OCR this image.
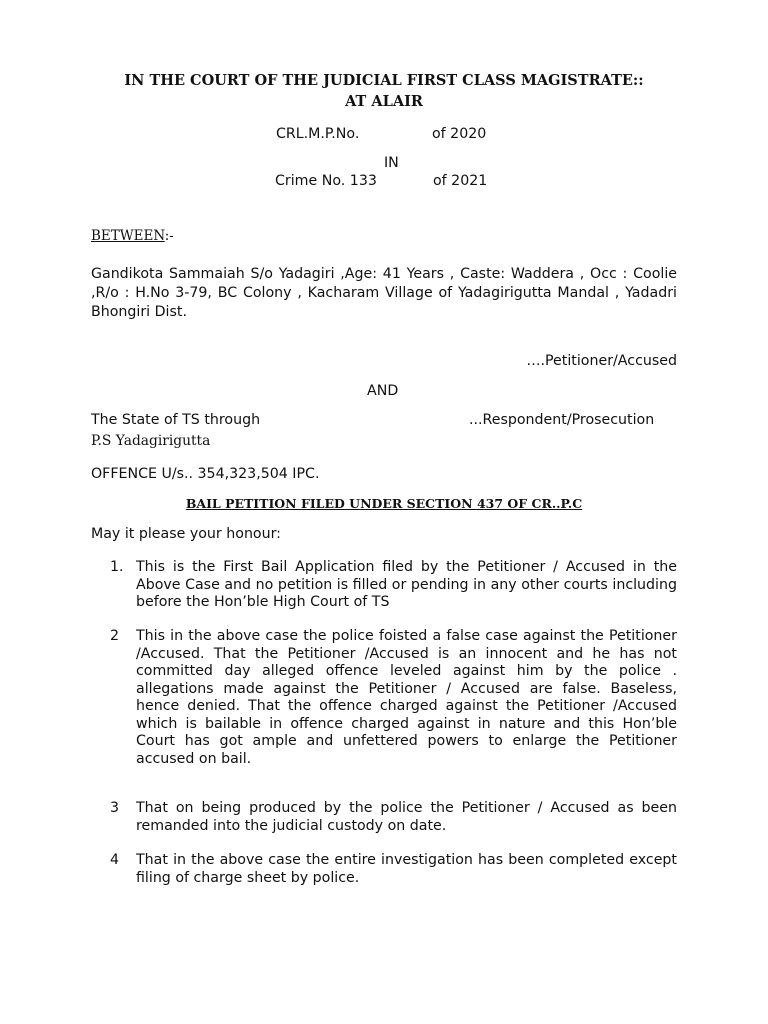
IN THE COURT OF THE JUDICIAL FIRST CLASS MAGISTRATE::
AT ALAIR
CRL.M.P.No.	of 2020
IN
Crime No. 133	of 2021
BETWEEN:-
Gandikota Sammaiah S/o Yadagiri ,Age: 41 Years , Caste: Waddera , Occ : Coolie ,R/o : H.No 3-79, BC Colony , Kacharam Village of Yadagirigutta Mandal , Yadadri Bhongiri Dist.
….Petitioner/Accused
AND
The State of TS through	...Respondent/Prosecution
P.S Yadagirigutta
OFFENCE U/s.. 354,323,504 IPC.
BAIL PETITION FILED UNDER SECTION 437 OF CR..P.C
May it please your honour:
1. This is the First Bail Application filed by the Petitioner / Accused in the Above Case and no petition is filled or pending in any other courts including before the Hon’ble High Court of TS
2 This in the above case the police foisted a false case against the Petitioner /Accused. That the Petitioner /Accused is an innocent and he has not committed day alleged offence leveled against him by the police . allegations made against the Petitioner / Accused are false. Baseless, hence denied. That the offence charged against the Petitioner /Accused which is bailable in offence charged against in nature and this Hon’ble Court has got ample and unfettered powers to enlarge the Petitioner accused on bail.
3 That on being produced by the police the Petitioner / Accused as been remanded into the judicial custody on date.
4 That in the above case the entire investigation has been completed except filing of charge sheet by police.
